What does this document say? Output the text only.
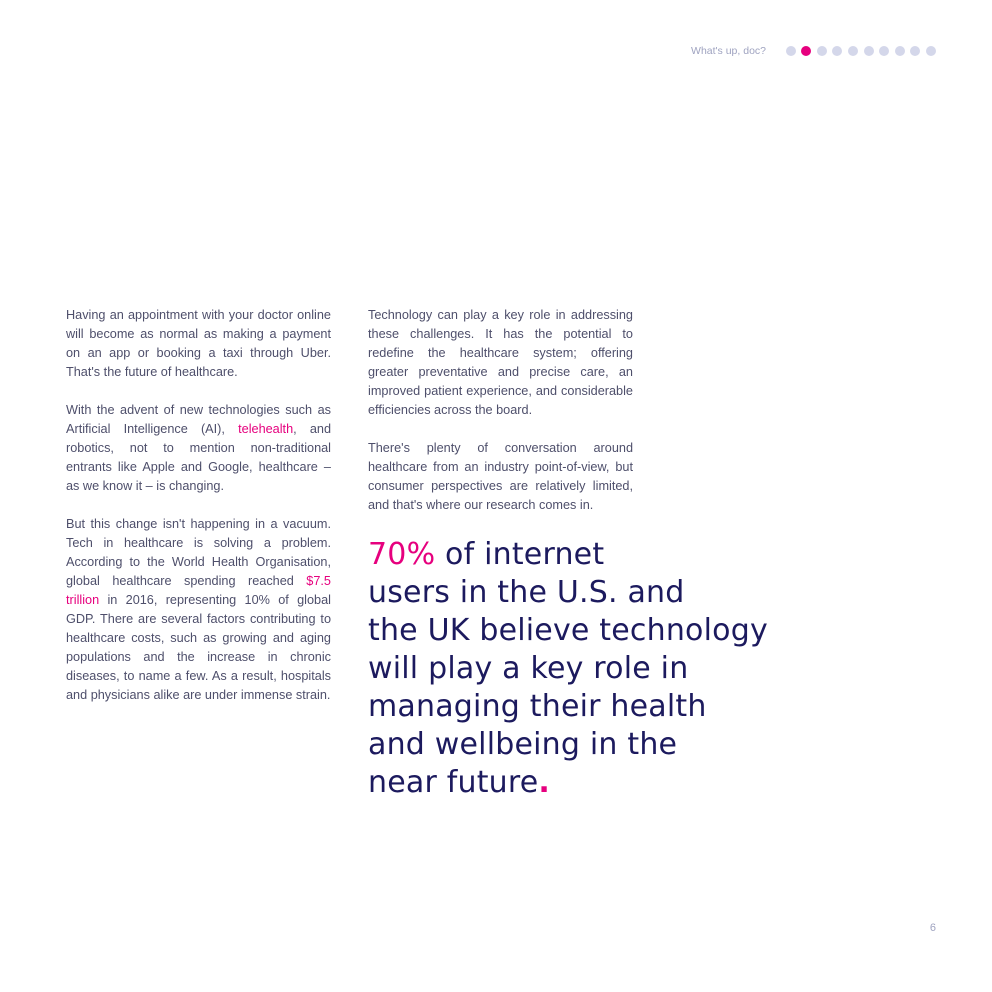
What's up, doc?

Having an appointment with your doctor online will become as normal as making a payment on an app or booking a taxi through Uber. That's the future of healthcare.

With the advent of new technologies such as Artificial Intelligence (AI), telehealth, and robotics, not to mention non-traditional entrants like Apple and Google, healthcare – as we know it – is changing.

But this change isn't happening in a vacuum. Tech in healthcare is solving a problem. According to the World Health Organisation, global healthcare spending reached $7.5 trillion in 2016, representing 10% of global GDP. There are several factors contributing to healthcare costs, such as growing and aging populations and the increase in chronic diseases, to name a few. As a result, hospitals and physicians alike are under immense strain.

Technology can play a key role in addressing these challenges. It has the potential to redefine the healthcare system; offering greater preventative and precise care, an improved patient experience, and considerable efficiencies across the board.

There's plenty of conversation around healthcare from an industry point-of-view, but consumer perspectives are relatively limited, and that's where our research comes in.

70% of internet
users in the U.S. and
the UK believe technology
will play a key role in
managing their health
and wellbeing in the
near future.
6
